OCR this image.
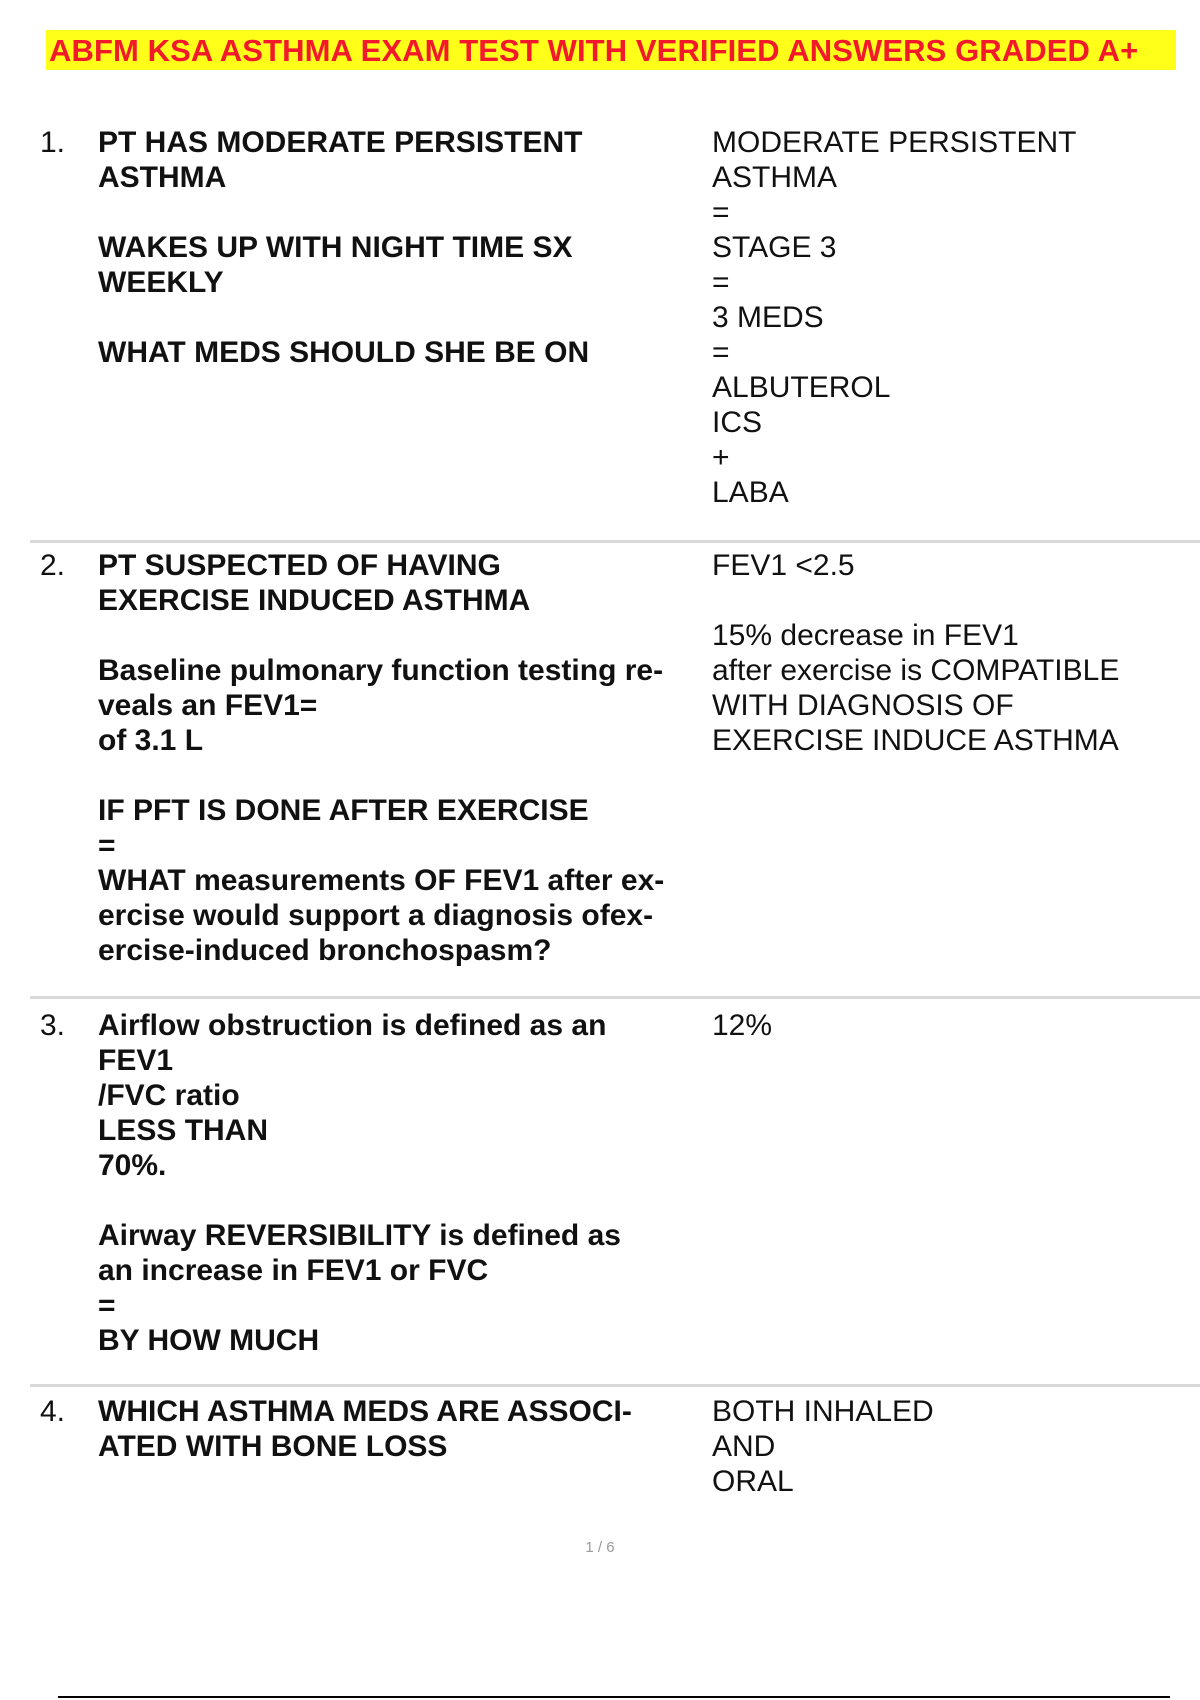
ABFM KSA ASTHMA EXAM TEST WITH VERIFIED ANSWERS GRADED A+
1. PT HAS MODERATE PERSISTENT
ASTHMA
WAKES UP WITH NIGHT TIME SX
WEEKLY
WHAT MEDS SHOULD SHE BE ON
MODERATE PERSISTENT
ASTHMA
=
STAGE 3
=
3 MEDS
=
ALBUTEROL
ICS
+
LABA
2. PT SUSPECTED OF HAVING
EXERCISE INDUCED ASTHMA
Baseline pulmonary function testing re-
veals an FEV1=
of 3.1 L
IF PFT IS DONE AFTER EXERCISE
=
WHAT measurements OF FEV1 after ex-
ercise would support a diagnosis ofex-
ercise-induced bronchospasm?
FEV1 <2.5
15% decrease in FEV1
after exercise is COMPATIBLE
WITH DIAGNOSIS OF
EXERCISE INDUCE ASTHMA
3. Airflow obstruction is defined as an
FEV1
/FVC ratio
LESS THAN
70%.
Airway REVERSIBILITY is defined as
an increase in FEV1 or FVC
=
BY HOW MUCH
12%
4. WHICH ASTHMA MEDS ARE ASSOCI-
ATED WITH BONE LOSS
BOTH INHALED
AND
ORAL
1 / 6
